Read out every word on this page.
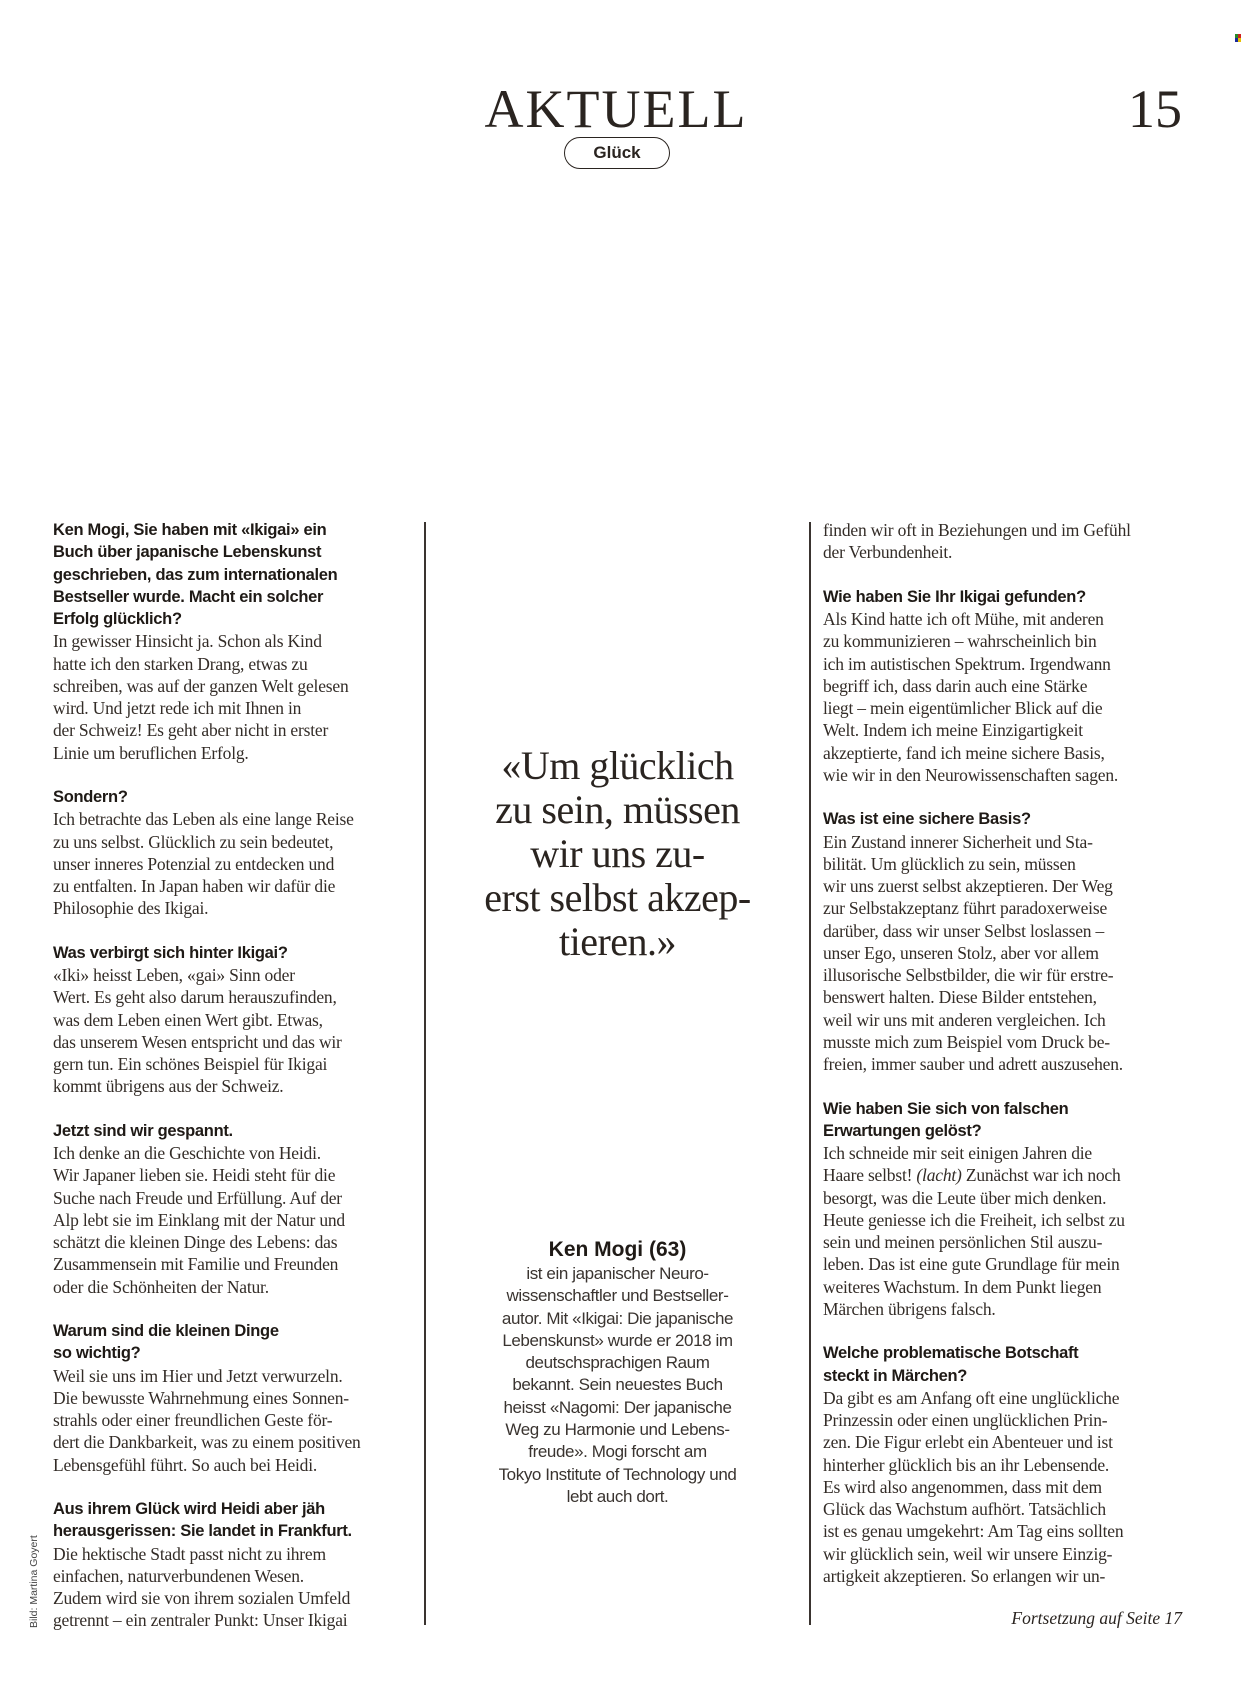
AKTUELL	15
Glück
Ken Mogi, Sie haben mit «Ikigai» ein
Buch über japanische Lebenskunst
geschrieben, das zum internationalen
Bestseller wurde. Macht ein solcher
Erfolg glücklich?
In gewisser Hinsicht ja. Schon als Kind
hatte ich den starken Drang, etwas zu
schreiben, was auf der ganzen Welt gelesen
wird. Und jetzt rede ich mit Ihnen in
der Schweiz! Es geht aber nicht in erster
Linie um beruflichen Erfolg.
Sondern?
Ich betrachte das Leben als eine lange Reise
zu uns selbst. Glücklich zu sein bedeutet,
unser inneres Potenzial zu entdecken und
zu entfalten. In Japan haben wir dafür die
Philosophie des Ikigai.
Was verbirgt sich hinter Ikigai?
«Iki» heisst Leben, «gai» Sinn oder
Wert. Es geht also darum herauszufinden,
was dem Leben einen Wert gibt. Etwas,
das unserem Wesen entspricht und das wir
gern tun. Ein schönes Beispiel für Ikigai
kommt übrigens aus der Schweiz.
Jetzt sind wir gespannt.
Ich denke an die Geschichte von Heidi.
Wir Japaner lieben sie. Heidi steht für die
Suche nach Freude und Erfüllung. Auf der
Alp lebt sie im Einklang mit der Natur und
schätzt die kleinen Dinge des Lebens: das
Zusammensein mit Familie und Freunden
oder die Schönheiten der Natur.
Warum sind die kleinen Dinge
so wichtig?
Weil sie uns im Hier und Jetzt verwurzeln.
Die bewusste Wahrnehmung eines Sonnen-
strahls oder einer freundlichen Geste för-
dert die Dankbarkeit, was zu einem positiven
Lebensgefühl führt. So auch bei Heidi.
Aus ihrem Glück wird Heidi aber jäh
herausgerissen: Sie landet in Frankfurt.
Die hektische Stadt passt nicht zu ihrem
einfachen, naturverbundenen Wesen.
Zudem wird sie von ihrem sozialen Umfeld
getrennt – ein zentraler Punkt: Unser Ikigai
«Um glücklich
zu sein, müssen
wir uns zu-
erst selbst akzep-
tieren.»
Ken Mogi (63)
ist ein japanischer Neuro-
wissenschaftler und Bestseller-
autor. Mit «Ikigai: Die japanische
Lebenskunst» wurde er 2018 im
deutschsprachigen Raum
bekannt. Sein neuestes Buch
heisst «Nagomi: Der japanische
Weg zu Harmonie und Lebens-
freude». Mogi forscht am
Tokyo Institute of Technology und
lebt auch dort.
finden wir oft in Beziehungen und im Gefühl
der Verbundenheit.
Wie haben Sie Ihr Ikigai gefunden?
Als Kind hatte ich oft Mühe, mit anderen
zu kommunizieren – wahrscheinlich bin
ich im autistischen Spektrum. Irgendwann
begriff ich, dass darin auch eine Stärke
liegt – mein eigentümlicher Blick auf die
Welt. Indem ich meine Einzigartigkeit
akzeptierte, fand ich meine sichere Basis,
wie wir in den Neurowissenschaften sagen.
Was ist eine sichere Basis?
Ein Zustand innerer Sicherheit und Sta-
bilität. Um glücklich zu sein, müssen
wir uns zuerst selbst akzeptieren. Der Weg
zur Selbstakzeptanz führt paradoxerweise
darüber, dass wir unser Selbst loslassen –
unser Ego, unseren Stolz, aber vor allem
illusorische Selbstbilder, die wir für erstre-
benswert halten. Diese Bilder entstehen,
weil wir uns mit anderen vergleichen. Ich
musste mich zum Beispiel vom Druck be-
freien, immer sauber und adrett auszusehen.
Wie haben Sie sich von falschen
Erwartungen gelöst?
Ich schneide mir seit einigen Jahren die
Haare selbst! (lacht) Zunächst war ich noch
besorgt, was die Leute über mich denken.
Heute geniesse ich die Freiheit, ich selbst zu
sein und meinen persönlichen Stil auszu-
leben. Das ist eine gute Grundlage für mein
weiteres Wachstum. In dem Punkt liegen
Märchen übrigens falsch.
Welche problematische Botschaft
steckt in Märchen?
Da gibt es am Anfang oft eine unglückliche
Prinzessin oder einen unglücklichen Prin-
zen. Die Figur erlebt ein Abenteuer und ist
hinterher glücklich bis an ihr Lebensende.
Es wird also angenommen, dass mit dem
Glück das Wachstum aufhört. Tatsächlich
ist es genau umgekehrt: Am Tag eins sollten
wir glücklich sein, weil wir unsere Einzig-
artigkeit akzeptieren. So erlangen wir un-
Bild: Martina Goyert	Fortsetzung auf Seite 17
